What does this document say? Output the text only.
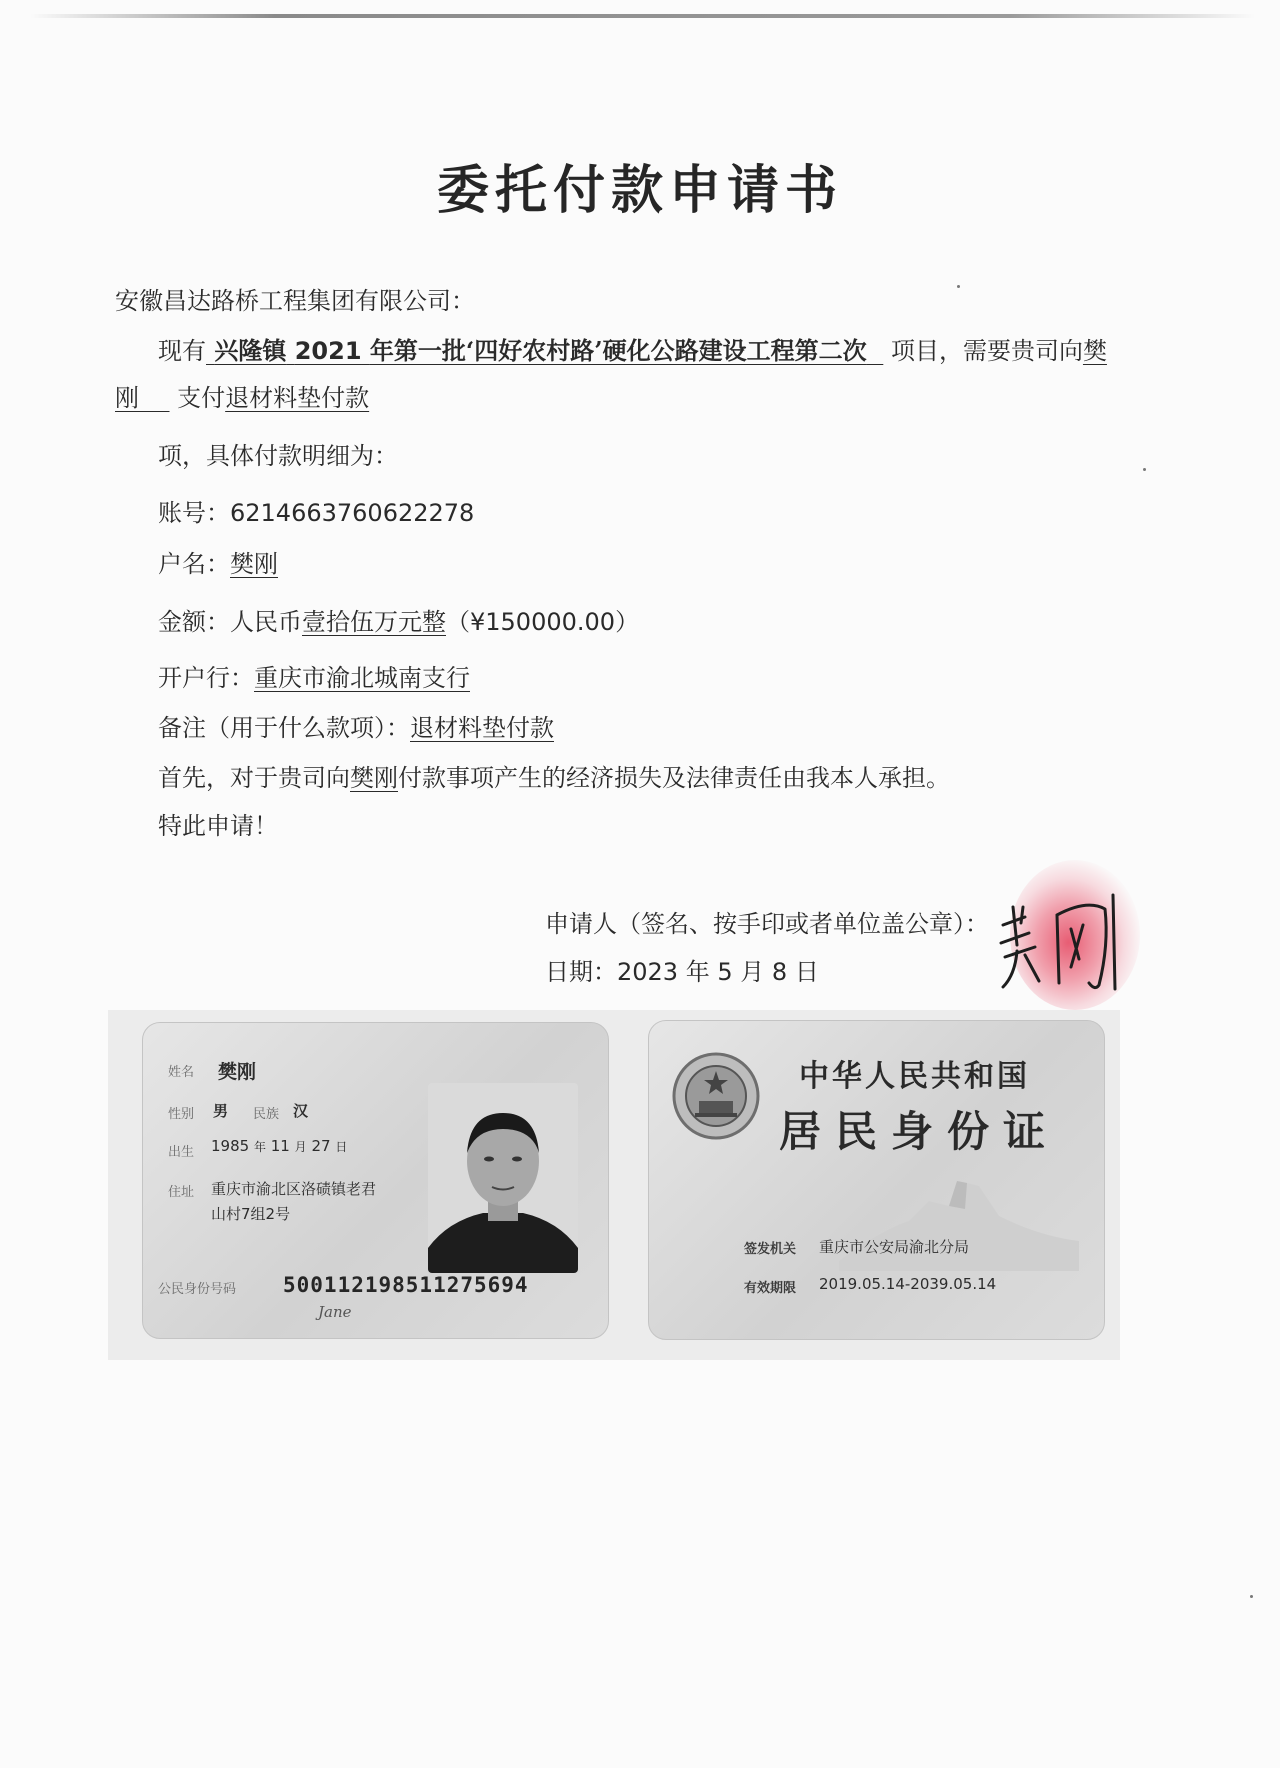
委托付款申请书
安徽昌达路桥工程集团有限公司：
现有 兴隆镇 2021 年第一批‘四好农村路’硬化公路建设工程第二次 项目，需要贵司向樊
刚 支付退材料垫付款
项，具体付款明细为：
账号：6214663760622278
户名：樊刚
金额：人民币壹拾伍万元整（¥150000.00）
开户行：重庆市渝北城南支行
备注（用于什么款项）：退材料垫付款
首先，对于贵司向樊刚付款事项产生的经济损失及法律责任由我本人承担。
特此申请！
申请人（签名、按手印或者单位盖公章）：
日期：2023 年 5 月 8 日
姓名 樊刚
性别 男 民族 汉
出生 1985 年 11 月 27 日
住址 重庆市渝北区洛碛镇老君
山村7组2号
公民身份号码 500112198511275694
Jane
中华人民共和国
居民身份证
签发机关 重庆市公安局渝北分局
有效期限 2019.05.14-2039.05.14
